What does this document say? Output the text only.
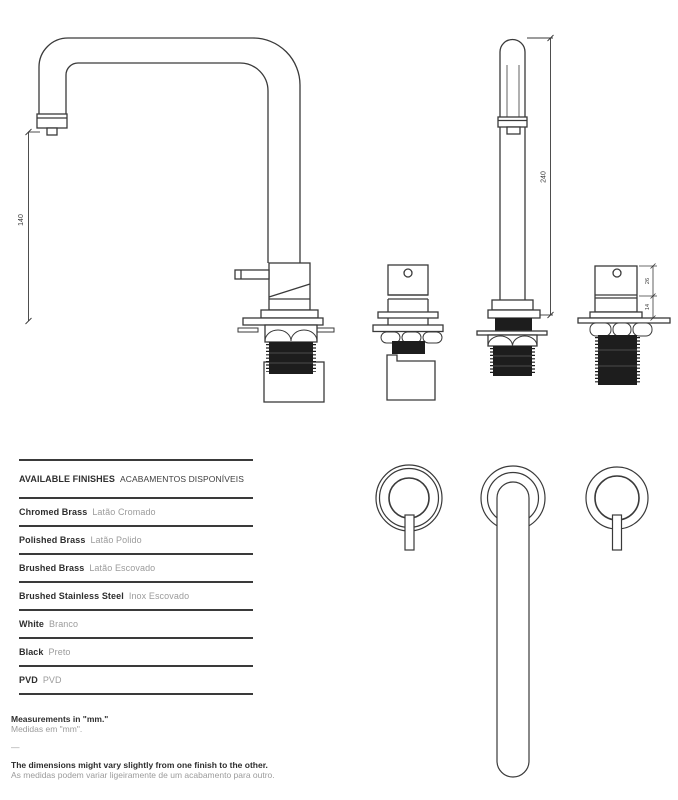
140
240
26
14
AVAILABLE FINISHES ACABAMENTOS DISPONÍVEIS
Chromed Brass Latão Cromado
Polished Brass Latão Polido
Brushed Brass Latão Escovado
Brushed Stainless Steel Inox Escovado
White Branco
Black Preto
PVD PVD

Measurements in "mm."

Medidas em "mm".

—

The dimensions might vary slightly from one finish to the other.

As medidas podem variar ligeiramente de um acabamento para outro.
